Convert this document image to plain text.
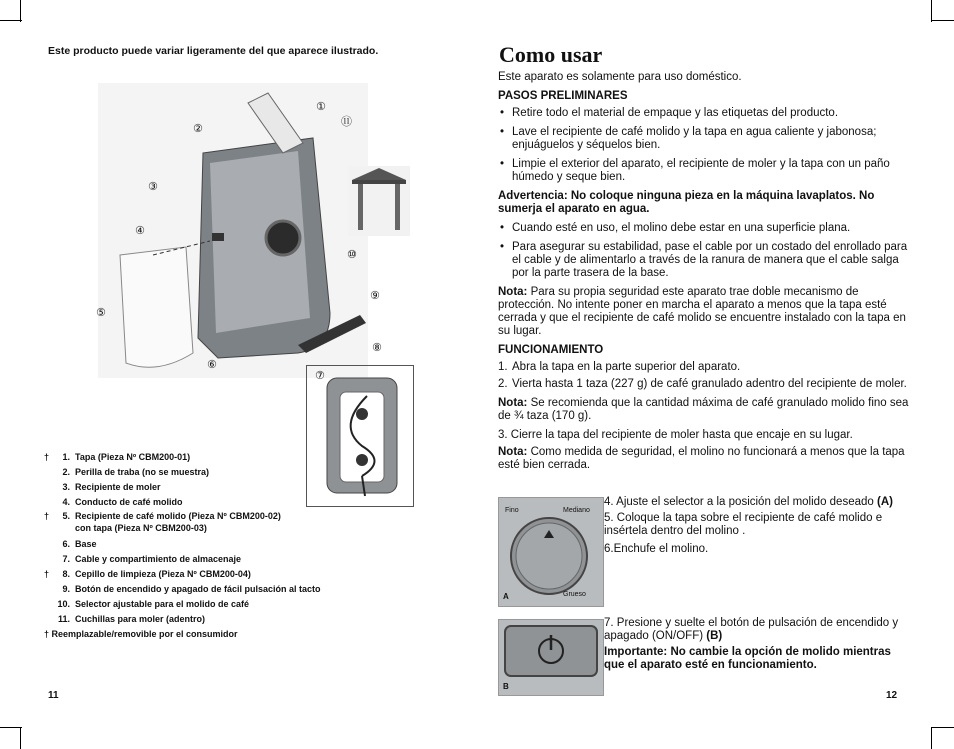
Este producto puede variar ligeramente del que aparece ilustrado.
①
②
③
④
⑤
⑥
⑦
⑧
⑨
⑩
⑪
†	1. Tapa (Pieza Nº CBM200-01)
2. Perilla de traba (no se muestra)
3. Recipiente de moler
4. Conducto de café molido
†	5. Recipiente de café molido (Pieza Nº CBM200-02)
con tapa (Pieza Nº CBM200-03)
6. Base
7. Cable y compartimiento de almacenaje
†	8. Cepillo de limpieza (Pieza Nº CBM200-04)
9. Botón de encendido y apagado de fácil pulsación al tacto
10. Selector ajustable para el molido de café
11. Cuchillas para moler (adentro)
† Reemplazable/removible por el consumidor
11
Como usar

Este aparato es solamente para uso doméstico.

PASOS PRELIMINARES

• Retire todo el material de empaque y las etiquetas del producto.
• Lave el recipiente de café molido y la tapa en agua caliente y jabonosa; enjuáguelos y séquelos bien.
• Limpie el exterior del aparato, el recipiente de moler y la tapa con un paño húmedo y seque bien.

Advertencia: No coloque ninguna pieza en la máquina lavaplatos. No sumerja el aparato en agua.

• Cuando esté en uso, el molino debe estar en una superficie plana.
• Para asegurar su estabilidad, pase el cable por un costado del enrollado para el cable y de alimentarlo a través de la ranura de manera que el cable salga por la parte trasera de la base.

Nota: Para su propia seguridad este aparato trae doble mecanismo de protección. No intente poner en marcha el aparato a menos que la tapa esté cerrada y que el recipiente de café molido se encuentre instalado con la tapa en su lugar.

FUNCIONAMIENTO

1. Abra la tapa en la parte superior del aparato.
2. Vierta hasta 1 taza (227 g) de café granulado adentro del recipiente de moler.

Nota: Se recomienda que la cantidad máxima de café granulado molido fino sea de ¾ taza (170 g).

3. Cierre la tapa del recipiente de moler hasta que encaje en su lugar.

Nota: Como medida de seguridad, el molino no funcionará a menos que la tapa esté bien cerrada.

Fino	Mediano
Grueso
A
4. Ajuste el selector a la posición del molido deseado (A)
5. Coloque la tapa sobre el recipiente de café molido e insértela dentro del molino .
6.Enchufe el molino.
B
7. Presione y suelte el botón de pulsación de encendido y apagado (ON/OFF) (B)
Importante: No cambie la opción de molido mientras que el aparato esté en funcionamiento.
12
